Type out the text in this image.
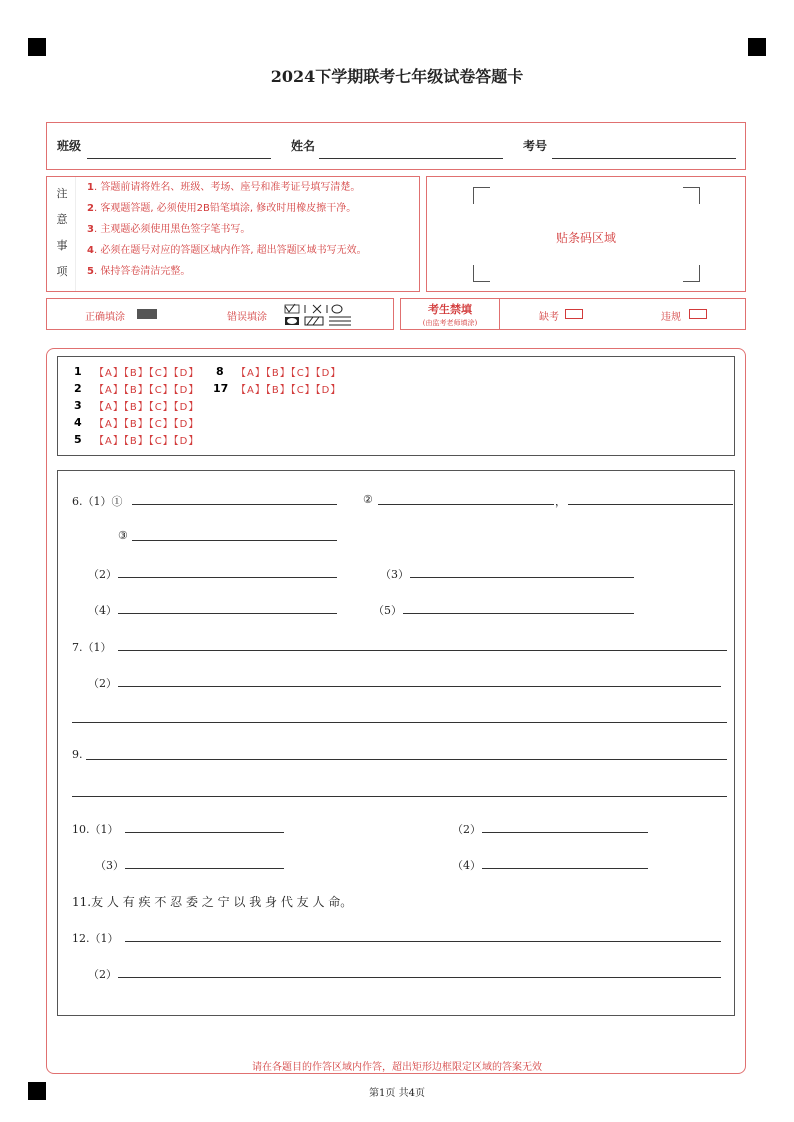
2024下学期联考七年级试卷答题卡
班级	姓名	考号
注
意
事
项
1. 答题前请将姓名、班级、考场、座号和准考证号填写清楚。
2. 客观题答题, 必须使用2B铅笔填涂, 修改时用橡皮擦干净。
3. 主观题必须使用黑色签字笔书写。
4. 必须在题号对应的答题区域内作答, 超出答题区域书写无效。
5. 保持答卷清洁完整。
贴条码区域
正确填涂	错误填涂
考生禁填
(由监考老师填涂)	缺考	违规
1 【A】【B】【C】【D】
2 【A】【B】【C】【D】
3 【A】【B】【C】【D】
4 【A】【B】【C】【D】
5 【A】【B】【C】【D】
8 【A】【B】【C】【D】
17 【A】【B】【C】【D】
6.（1）①	②	，
③
（2）	（3）
（4）	（5）
7.（1）
（2）
9.
10.（1）	（2）
（3）	（4）
11.友 人 有 疾 不 忍 委 之 宁 以 我 身 代 友 人 命。
12.（1）
（2）
请在各题目的作答区域内作答，超出矩形边框限定区域的答案无效
第1页 共4页
